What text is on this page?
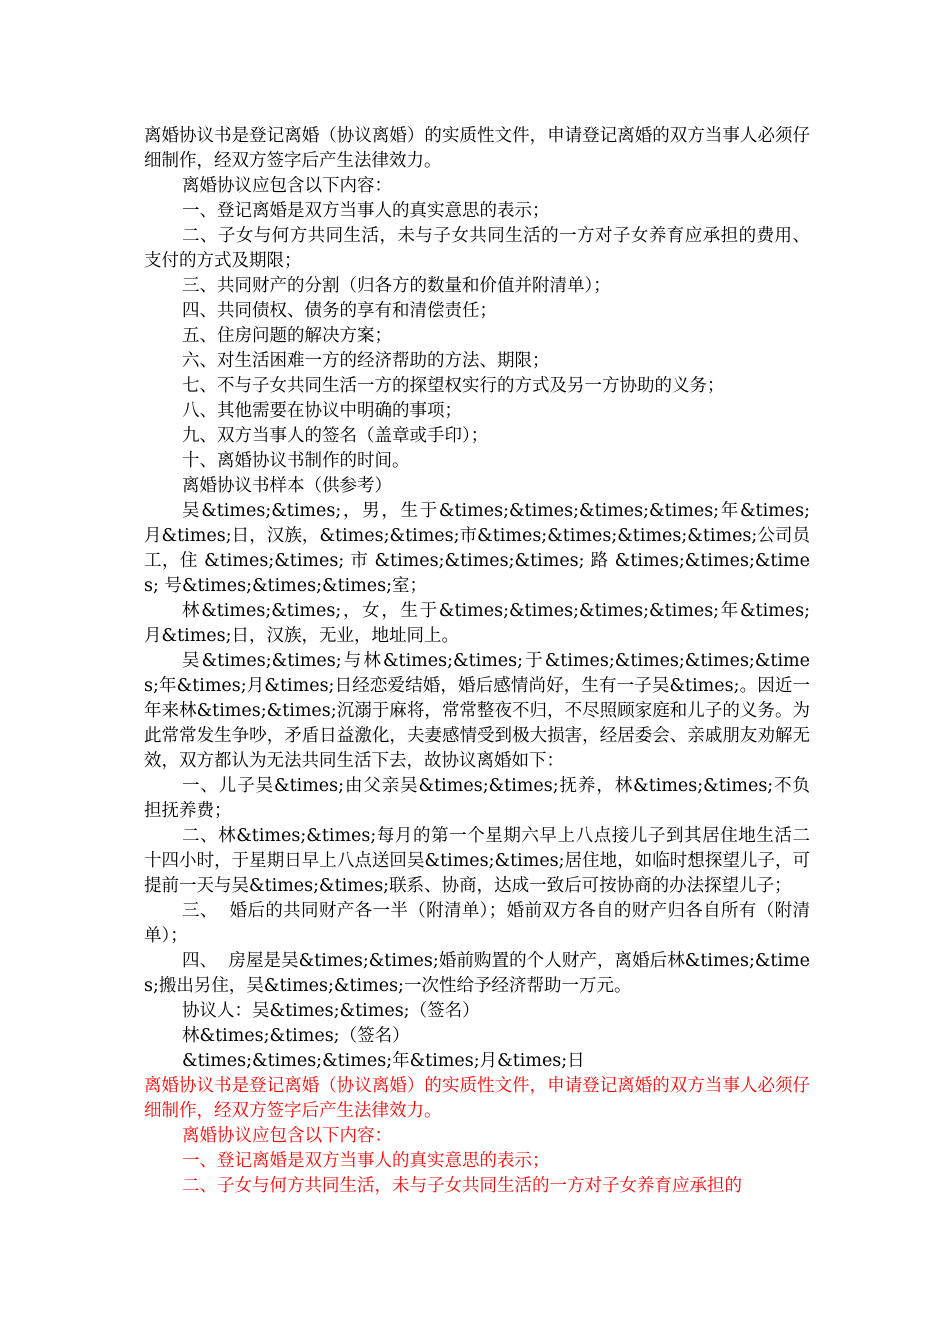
离婚协议书是登记离婚（协议离婚）的实质性文件，申请登记离婚的双方当事人必须仔细制作，经双方签字后产生法律效力。

离婚协议应包含以下内容：

一、登记离婚是双方当事人的真实意思的表示；

二、子女与何方共同生活，未与子女共同生活的一方对子女养育应承担的费用、支付的方式及期限；

三、共同财产的分割（归各方的数量和价值并附清单）；

四、共同债权、债务的享有和清偿责任；

五、住房问题的解决方案；

六、对生活困难一方的经济帮助的方法、期限；

七、不与子女共同生活一方的探望权实行的方式及另一方协助的义务；

八、其他需要在协议中明确的事项；

九、双方当事人的签名（盖章或手印）；

十、离婚协议书制作的时间。

离婚协议书样本（供参考）

吴&times;&times;，男，生于&times;&times;&times;&times;年&times;月&times;日，汉族，&times;&times;市&times;&times;&times;&times;公司员工，住 &times;&times; 市 &times;&times;&times; 路 &times;&times;&times; 号&times;&times;&times;室；

林&times;&times;，女，生于&times;&times;&times;&times;年&times;月&times;日，汉族，无业，地址同上。

吴&times;&times;与林&times;&times;于&times;&times;&times;&times;年&times;月&times;日经恋爱结婚，婚后感情尚好，生有一子吴&times;。因近一年来林&times;&times;沉溺于麻将，常常整夜不归，不尽照顾家庭和儿子的义务。为此常常发生争吵，矛盾日益激化，夫妻感情受到极大损害，经居委会、亲戚朋友劝解无效，双方都认为无法共同生活下去，故协议离婚如下：

一、儿子吴&times;由父亲吴&times;&times;抚养，林&times;&times;不负担抚养费；

二、林&times;&times;每月的第一个星期六早上八点接儿子到其居住地生活二十四小时，于星期日早上八点送回吴&times;&times;居住地，如临时想探望儿子，可提前一天与吴&times;&times;联系、协商，达成一致后可按协商的办法探望儿子；

三、  婚后的共同财产各一半（附清单）；婚前双方各自的财产归各自所有（附清单）；

四、  房屋是吴&times;&times;婚前购置的个人财产，离婚后林&times;&times;搬出另住，吴&times;&times;一次性给予经济帮助一万元。

协议人：吴&times;&times;（签名）

林&times;&times;（签名）

&times;&times;&times;年&times;月&times;日

离婚协议书是登记离婚（协议离婚）的实质性文件，申请登记离婚的双方当事人必须仔细制作，经双方签字后产生法律效力。

离婚协议应包含以下内容：

一、登记离婚是双方当事人的真实意思的表示；

二、子女与何方共同生活，未与子女共同生活的一方对子女养育应承担的
